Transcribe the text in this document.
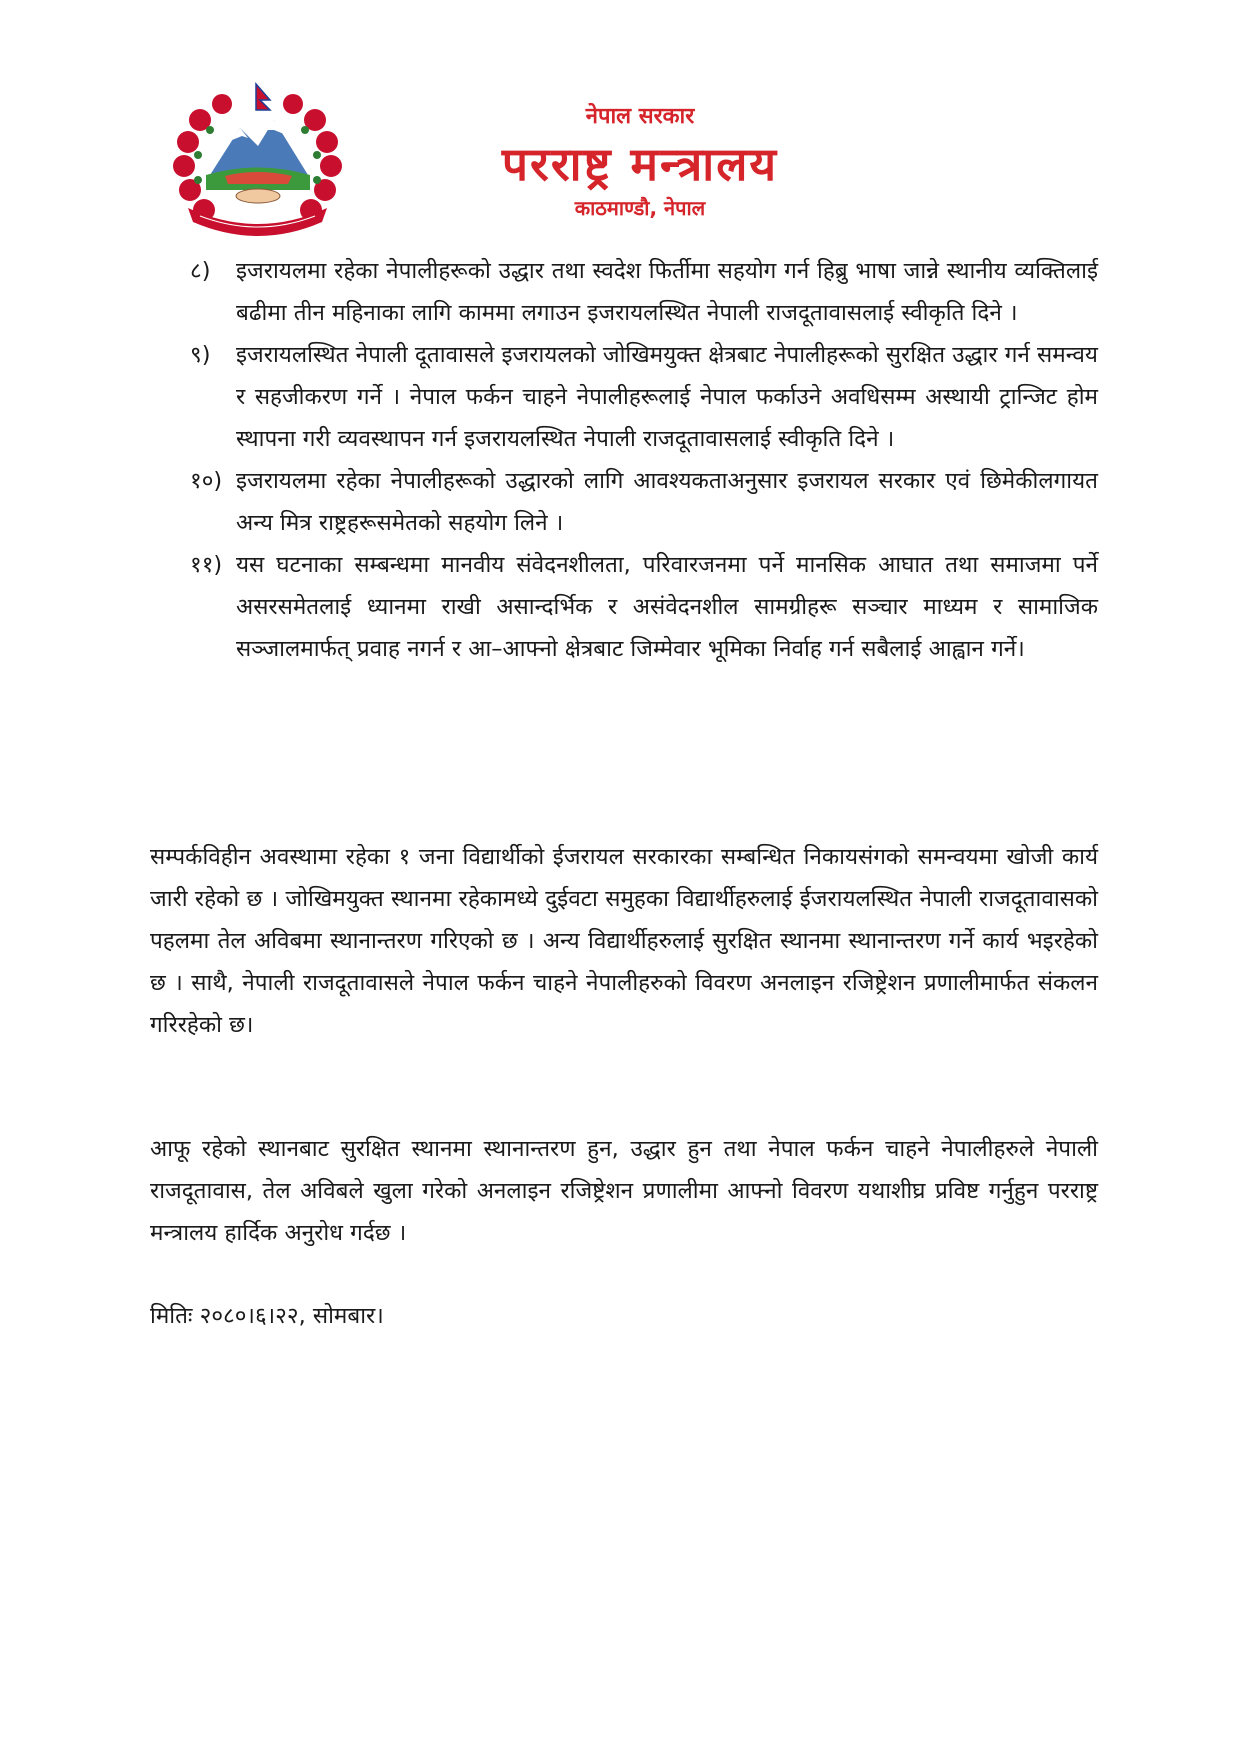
नेपाल सरकार
परराष्ट्र मन्त्रालय
काठमाण्डौ, नेपाल
८)	इजरायलमा रहेका नेपालीहरूको उद्धार तथा स्वदेश फिर्तीमा सहयोग गर्न हिब्रु भाषा जान्ने स्थानीय व्यक्तिलाई बढीमा तीन महिनाका लागि काममा लगाउन इजरायलस्थित नेपाली राजदूतावासलाई स्वीकृति दिने ।
९)	इजरायलस्थित नेपाली दूतावासले इजरायलको जोखिमयुक्त क्षेत्रबाट नेपालीहरूको सुरक्षित उद्धार गर्न समन्वय र सहजीकरण गर्ने । नेपाल फर्कन चाहने नेपालीहरूलाई नेपाल फर्काउने अवधिसम्म अस्थायी ट्रान्जिट होम स्थापना गरी व्यवस्थापन गर्न इजरायलस्थित नेपाली राजदूतावासलाई स्वीकृति दिने ।
१०) इजरायलमा रहेका नेपालीहरूको उद्धारको लागि आवश्यकताअनुसार इजरायल सरकार एवं छिमेकीलगायत अन्य मित्र राष्ट्रहरूसमेतको सहयोग लिने ।
११) यस घटनाका सम्बन्धमा मानवीय संवेदनशीलता, परिवारजनमा पर्ने मानसिक आघात तथा समाजमा पर्ने असरसमेतलाई ध्यानमा राखी असान्दर्भिक र असंवेदनशील सामग्रीहरू सञ्चार माध्यम र सामाजिक सञ्जालमार्फत् प्रवाह नगर्न र आ–आफ्नो क्षेत्रबाट जिम्मेवार भूमिका निर्वाह गर्न सबैलाई आह्वान गर्ने।

सम्पर्कविहीन अवस्थामा रहेका १ जना विद्यार्थीको ईजरायल सरकारका सम्बन्धित निकायसंगको समन्वयमा खोजी कार्य जारी रहेको छ । जोखिमयुक्त स्थानमा रहेकामध्ये दुईवटा समुहका विद्यार्थीहरुलाई ईजरायलस्थित नेपाली राजदूतावासको पहलमा तेल अविबमा स्थानान्तरण गरिएको छ । अन्य विद्यार्थीहरुलाई सुरक्षित स्थानमा स्थानान्तरण गर्ने कार्य भइरहेको छ । साथै, नेपाली राजदूतावासले नेपाल फर्कन चाहने नेपालीहरुको विवरण अनलाइन रजिष्ट्रेशन प्रणालीमार्फत संकलन गरिरहेको छ।

आफू रहेको स्थानबाट सुरक्षित स्थानमा स्थानान्तरण हुन, उद्धार हुन तथा नेपाल फर्कन चाहने नेपालीहरुले नेपाली राजदूतावास, तेल अविबले खुला गरेको अनलाइन रजिष्ट्रेशन प्रणालीमा आफ्नो विवरण यथाशीघ्र प्रविष्ट गर्नुहुन परराष्ट्र मन्त्रालय हार्दिक अनुरोध गर्दछ ।

मितिः २०८०।६।२२, सोमबार।
